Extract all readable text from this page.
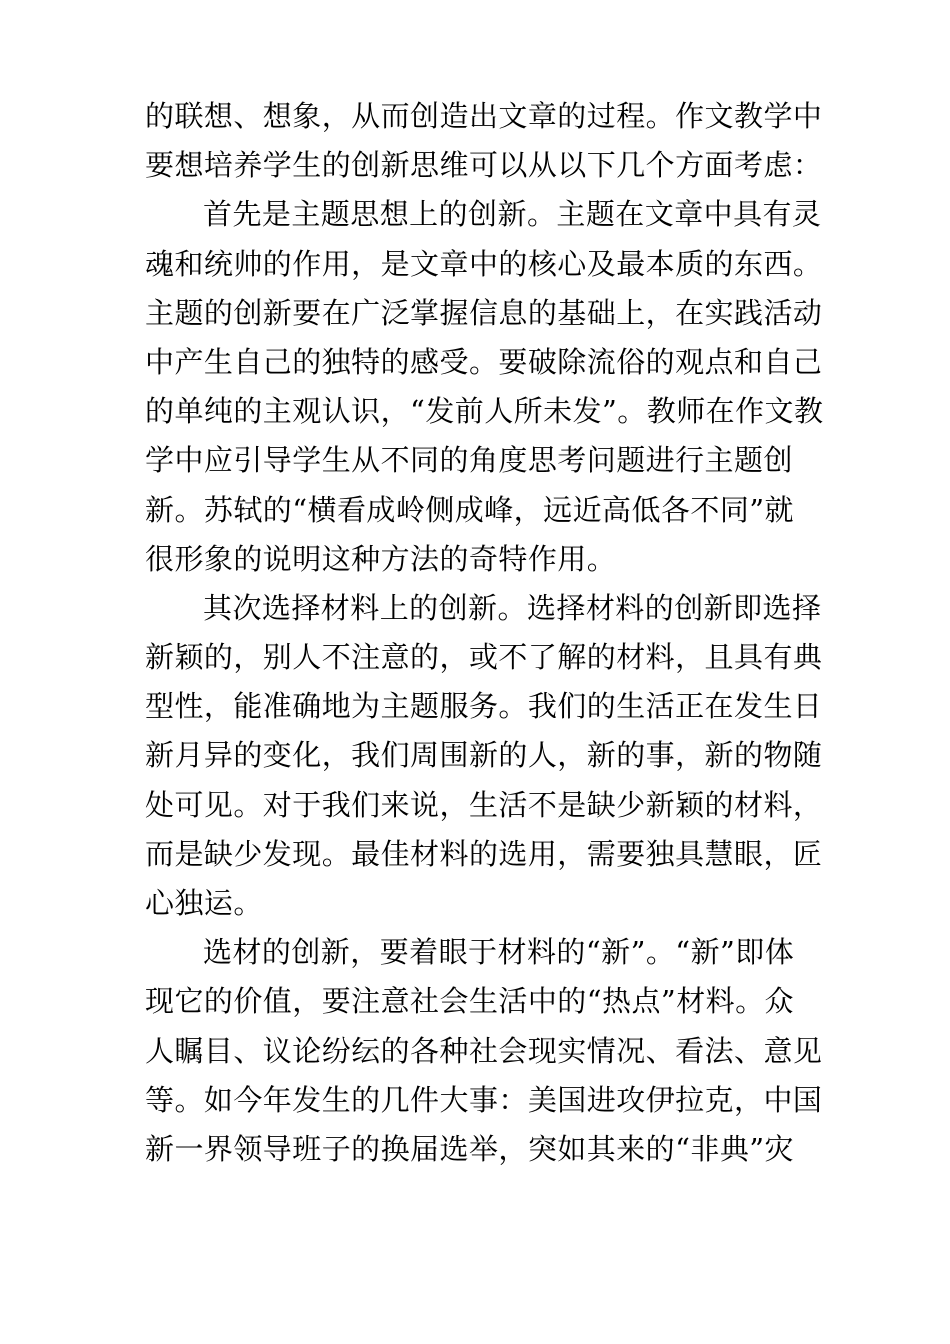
的联想、想象，从而创造出文章的过程。作文教学中
要想培养学生的创新思维可以从以下几个方面考虑：
首先是主题思想上的创新。主题在文章中具有灵
魂和统帅的作用，是文章中的核心及最本质的东西。
主题的创新要在广泛掌握信息的基础上，在实践活动
中产生自己的独特的感受。要破除流俗的观点和自己
的单纯的主观认识，“发前人所未发”。教师在作文教
学中应引导学生从不同的角度思考问题进行主题创
新。苏轼的“横看成岭侧成峰，远近高低各不同”就
很形象的说明这种方法的奇特作用。
其次选择材料上的创新。选择材料的创新即选择
新颖的，别人不注意的，或不了解的材料，且具有典
型性，能准确地为主题服务。我们的生活正在发生日
新月异的变化，我们周围新的人，新的事，新的物随
处可见。对于我们来说，生活不是缺少新颖的材料，
而是缺少发现。最佳材料的选用，需要独具慧眼，匠
心独运。
选材的创新，要着眼于材料的“新”。“新”即体
现它的价值，要注意社会生活中的“热点”材料。众
人瞩目、议论纷纭的各种社会现实情况、看法、意见
等。如今年发生的几件大事：美国进攻伊拉克，中国
新一界领导班子的换届选举，突如其来的“非典”灾
